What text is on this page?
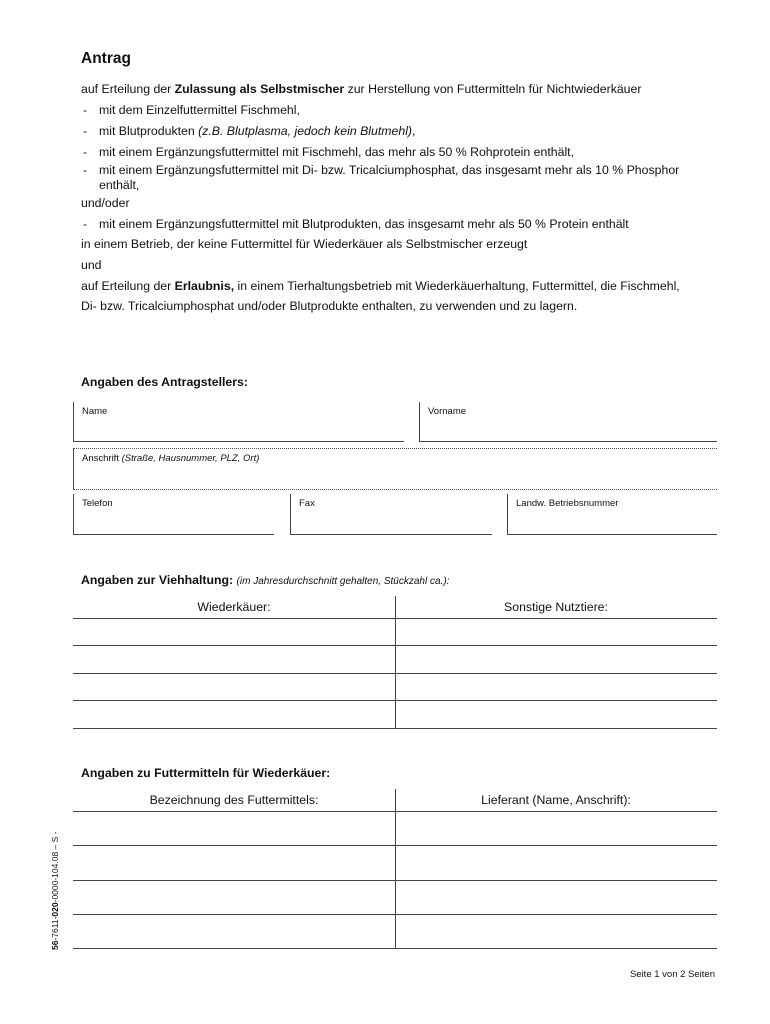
Antrag
auf Erteilung der Zulassung als Selbstmischer zur Herstellung von Futtermitteln für Nichtwiederkäuer
- mit dem Einzelfuttermittel Fischmehl,
- mit Blutprodukten (z.B. Blutplasma, jedoch kein Blutmehl),
- mit einem Ergänzungsfuttermittel mit Fischmehl, das mehr als 50 % Rohprotein enthält,
- mit einem Ergänzungsfuttermittel mit Di- bzw. Tricalciumphosphat, das insgesamt mehr als 10 % Phosphor enthält,
und/oder
- mit einem Ergänzungsfuttermittel mit Blutprodukten, das insgesamt mehr als 50 % Protein enthält
in einem Betrieb, der keine Futtermittel für Wiederkäuer als Selbstmischer erzeugt
und
auf Erteilung der Erlaubnis, in einem Tierhaltungsbetrieb mit Wiederkäuerhaltung, Futtermittel, die Fischmehl,
Di- bzw. Tricalciumphosphat und/oder Blutprodukte enthalten, zu verwenden und zu lagern.
Angaben des Antragstellers:
Name	Vorname
Anschrift (Straße, Hausnummer, PLZ, Ort)
Telefon	Fax	Landw. Betriebsnummer
Angaben zur Viehhaltung: (im Jahresdurchschnitt gehalten, Stückzahl ca.):
Wiederkäuer:	Sonstige Nutztiere:
Angaben zu Futtermitteln für Wiederkäuer:
Bezeichnung des Futtermittels:	Lieferant (Name, Anschrift):
56-7611-020-0000-104.08 – S -
Seite 1 von 2 Seiten
